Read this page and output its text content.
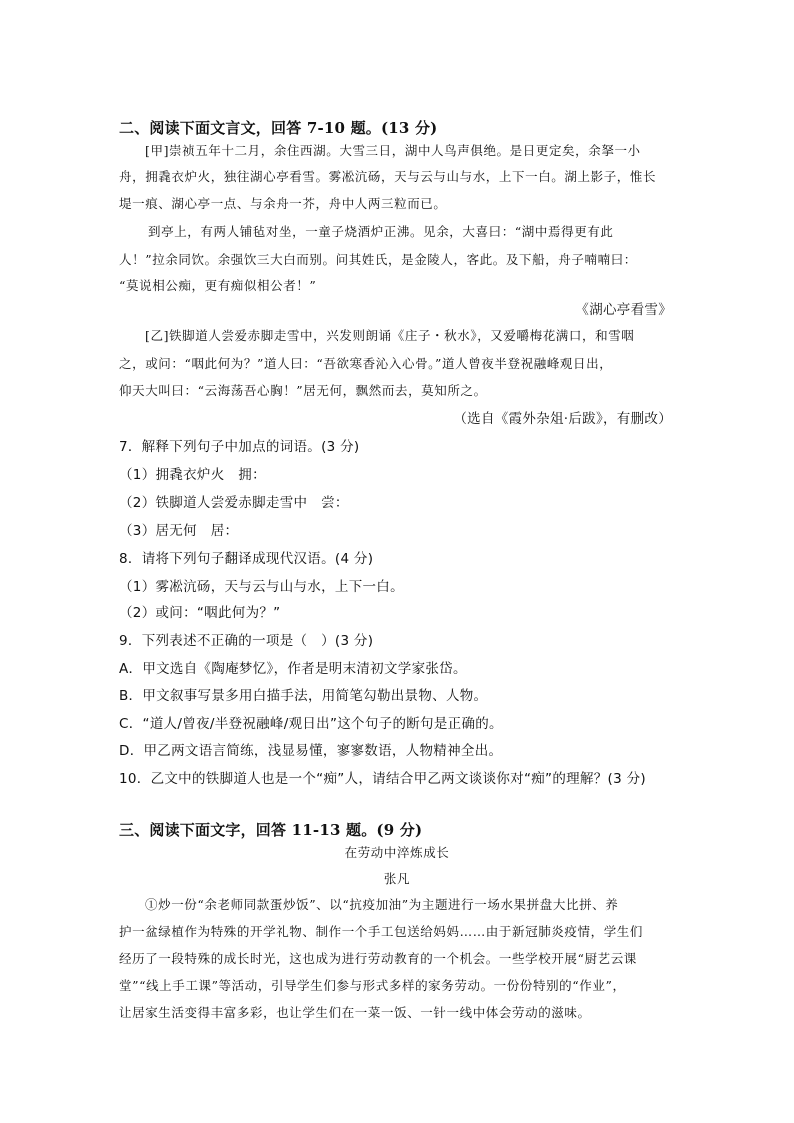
二、阅读下面文言文，回答 7-10 题。(13 分)
[甲]崇祯五年十二月，余住西湖。大雪三日，湖中人鸟声俱绝。是日更定矣，余拏一小
舟，拥毳衣炉火，独往湖心亭看雪。雾凇沆砀，天与云与山与水，上下一白。湖上影子，惟长
堤一痕、湖心亭一点、与余舟一芥，舟中人两三粒而已。
到亭上，有两人铺毡对坐，一童子烧酒炉正沸。见余，大喜曰：“湖中焉得更有此
人！”拉余同饮。余强饮三大白而别。问其姓氏，是金陵人，客此。及下船，舟子喃喃曰：
“莫说相公痴，更有痴似相公者！”
《湖心亭看雪》
[乙]铁脚道人尝爱赤脚走雪中，兴发则朗诵《庄子・秋水》，又爱嚼梅花满口，和雪咽
之，或问：“咽此何为？”道人曰：“吾欲寒香沁入心骨。”道人曾夜半登祝融峰观日出，
仰天大叫曰：“云海荡吾心胸！”居无何，飘然而去，莫知所之。
（选自《霞外杂俎·后跋》，有删改）
7．解释下列句子中加点的词语。(3 分)
（1）拥毳衣炉火　拥：
（2）铁脚道人尝爱赤脚走雪中　尝：
（3）居无何　居：
8．请将下列句子翻译成现代汉语。(4 分)
（1）雾凇沆砀，天与云与山与水，上下一白。
（2）或问：“咽此何为？”
9．下列表述不正确的一项是（　）(3 分)
A．甲文选自《陶庵梦忆》，作者是明末清初文学家张岱。
B．甲文叙事写景多用白描手法，用简笔勾勒出景物、人物。
C．“道人/曾夜/半登祝融峰/观日出”这个句子的断句是正确的。
D．甲乙两文语言简练，浅显易懂，寥寥数语，人物精神全出。
10．乙文中的铁脚道人也是一个“痴”人，请结合甲乙两文谈谈你对“痴”的理解？(3 分)
三、阅读下面文字，回答 11-13 题。(9 分)
在劳动中淬炼成长
张凡
①炒一份“余老师同款蛋炒饭”、以“抗疫加油”为主题进行一场水果拼盘大比拼、养
护一盆绿植作为特殊的开学礼物、制作一个手工包送给妈妈……由于新冠肺炎疫情，学生们
经历了一段特殊的成长时光，这也成为进行劳动教育的一个机会。一些学校开展“厨艺云课
堂”“线上手工课”等活动，引导学生们参与形式多样的家务劳动。一份份特别的“作业”，
让居家生活变得丰富多彩，也让学生们在一菜一饭、一针一线中体会劳动的滋味。
